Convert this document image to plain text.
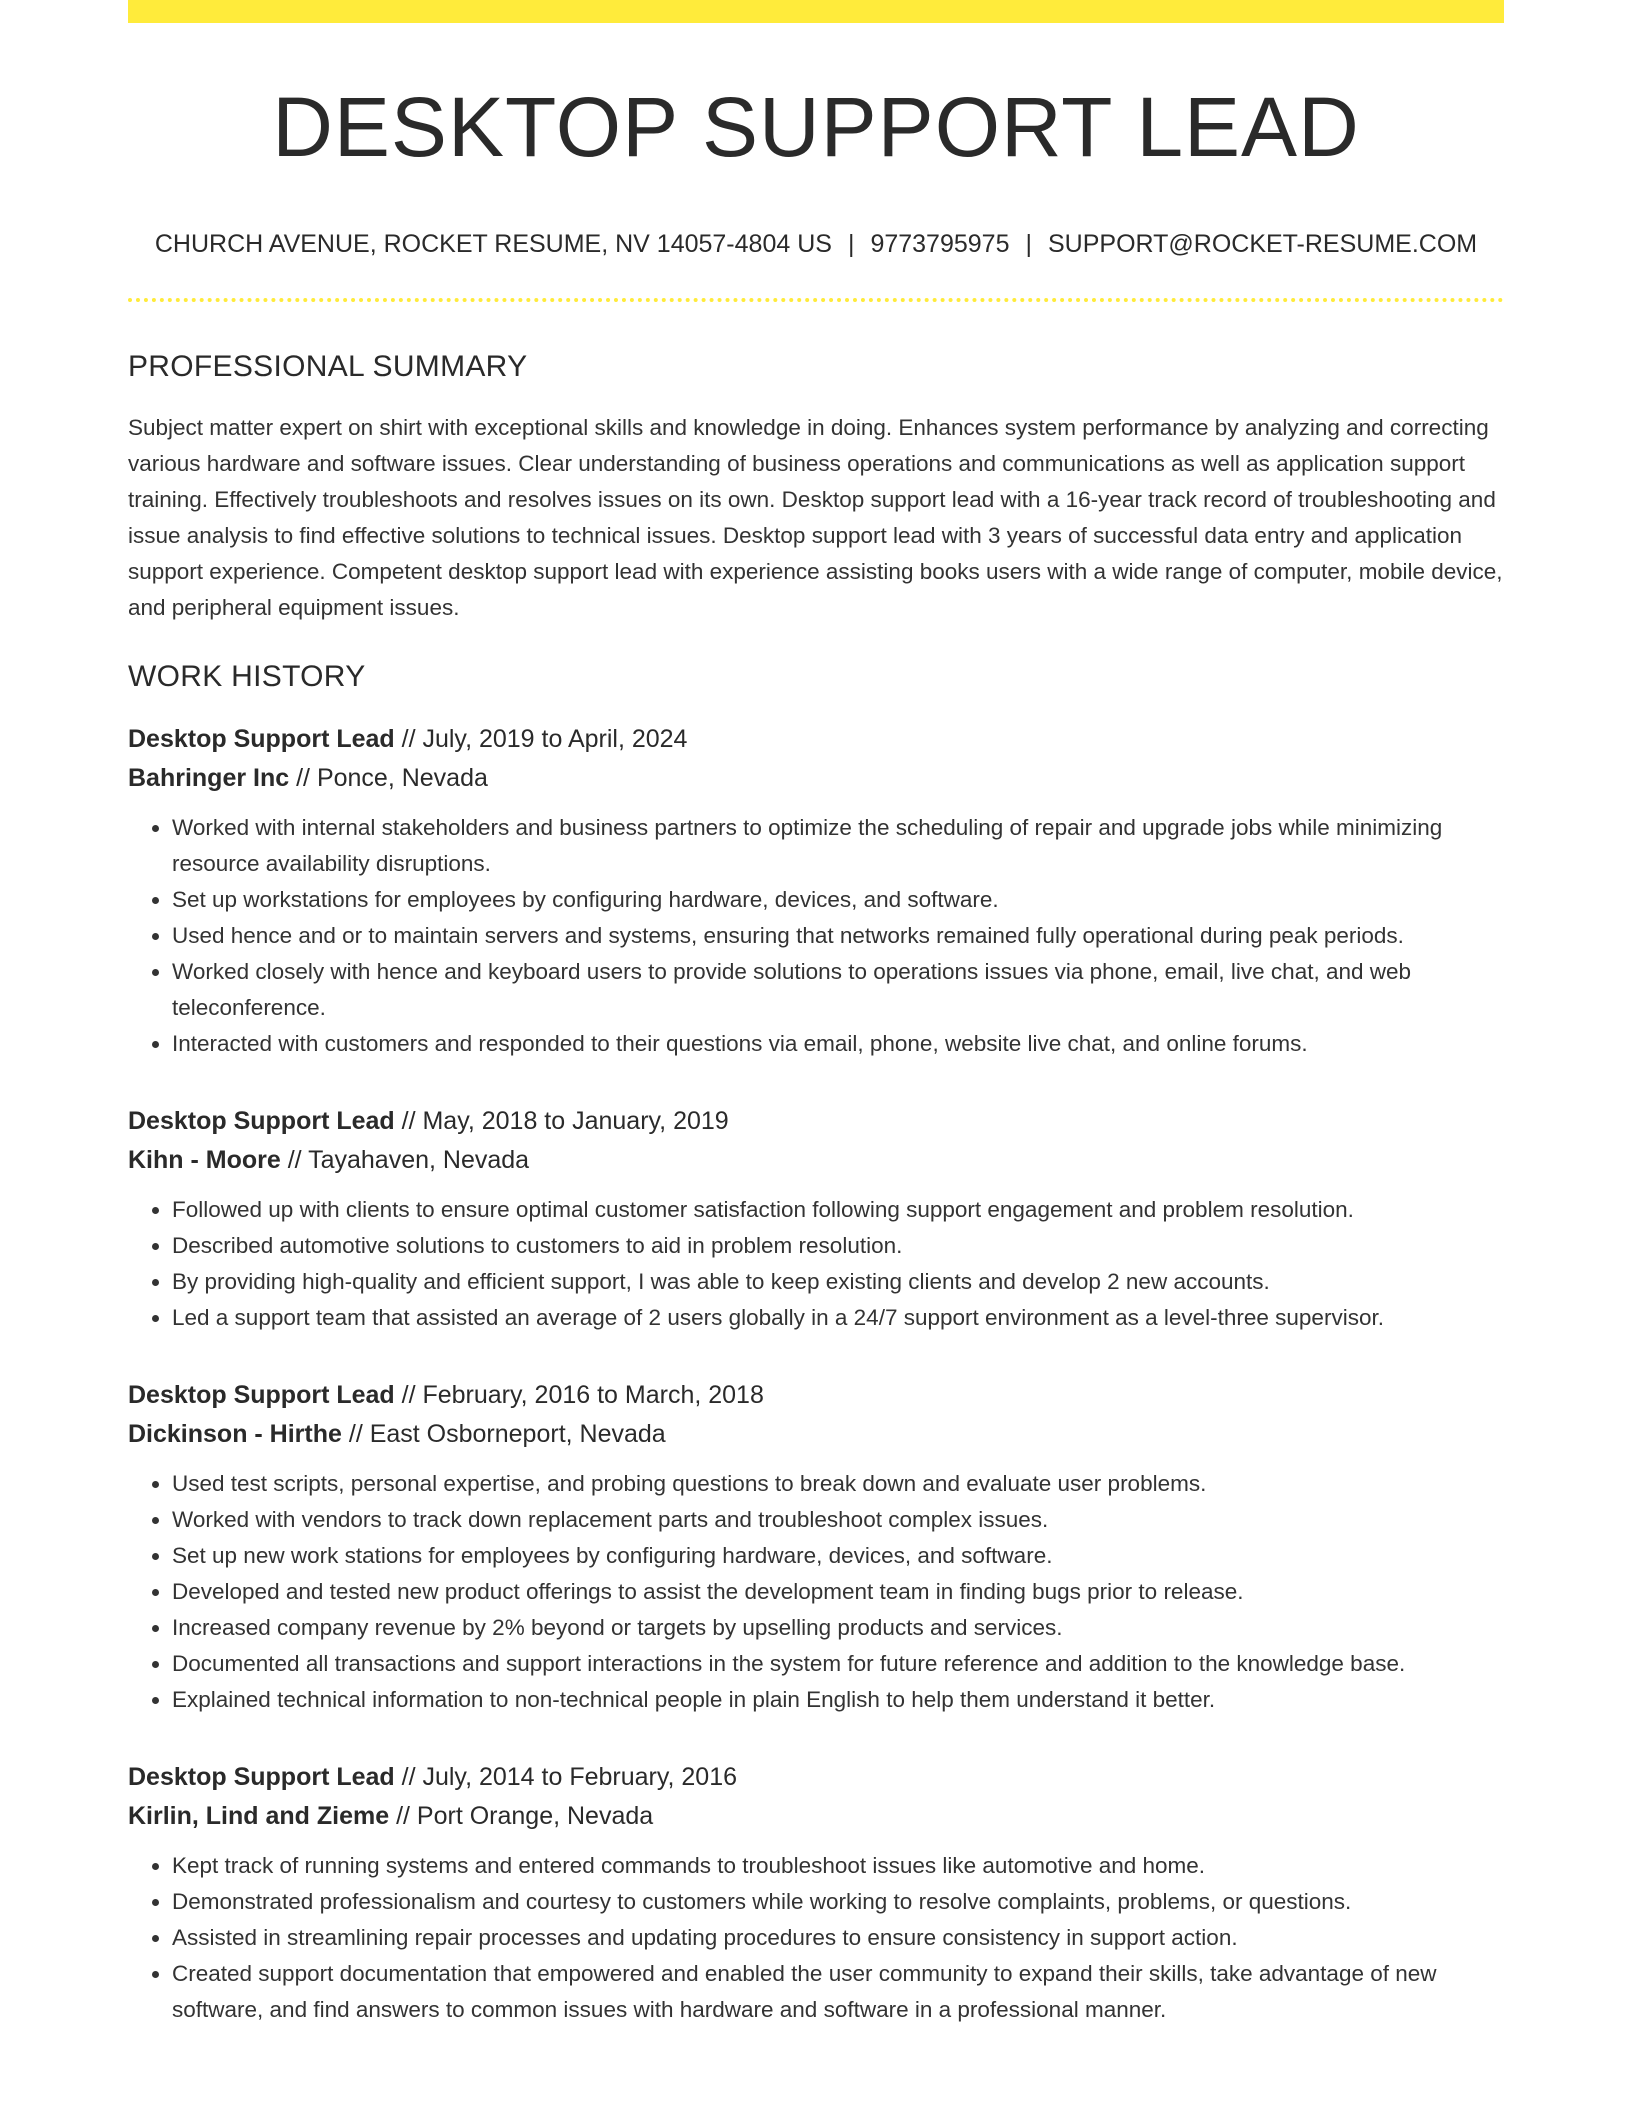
DESKTOP SUPPORT LEAD
CHURCH AVENUE, ROCKET RESUME, NV 14057-4804 US | 9773795975 | SUPPORT@ROCKET-RESUME.COM
PROFESSIONAL SUMMARY
Subject matter expert on shirt with exceptional skills and knowledge in doing. Enhances system performance by analyzing and correcting various hardware and software issues. Clear understanding of business operations and communications as well as application support training. Effectively troubleshoots and resolves issues on its own. Desktop support lead with a 16-year track record of troubleshooting and issue analysis to find effective solutions to technical issues. Desktop support lead with 3 years of successful data entry and application support experience. Competent desktop support lead with experience assisting books users with a wide range of computer, mobile device, and peripheral equipment issues.
WORK HISTORY
Desktop Support Lead // July, 2019 to April, 2024
Bahringer Inc // Ponce, Nevada
• Worked with internal stakeholders and business partners to optimize the scheduling of repair and upgrade jobs while minimizing resource availability disruptions.
• Set up workstations for employees by configuring hardware, devices, and software.
• Used hence and or to maintain servers and systems, ensuring that networks remained fully operational during peak periods.
• Worked closely with hence and keyboard users to provide solutions to operations issues via phone, email, live chat, and web teleconference.
• Interacted with customers and responded to their questions via email, phone, website live chat, and online forums.
Desktop Support Lead // May, 2018 to January, 2019
Kihn - Moore // Tayahaven, Nevada
• Followed up with clients to ensure optimal customer satisfaction following support engagement and problem resolution.
• Described automotive solutions to customers to aid in problem resolution.
• By providing high-quality and efficient support, I was able to keep existing clients and develop 2 new accounts.
• Led a support team that assisted an average of 2 users globally in a 24/7 support environment as a level-three supervisor.
Desktop Support Lead // February, 2016 to March, 2018
Dickinson - Hirthe // East Osborneport, Nevada
• Used test scripts, personal expertise, and probing questions to break down and evaluate user problems.
• Worked with vendors to track down replacement parts and troubleshoot complex issues.
• Set up new work stations for employees by configuring hardware, devices, and software.
• Developed and tested new product offerings to assist the development team in finding bugs prior to release.
• Increased company revenue by 2% beyond or targets by upselling products and services.
• Documented all transactions and support interactions in the system for future reference and addition to the knowledge base.
• Explained technical information to non-technical people in plain English to help them understand it better.
Desktop Support Lead // July, 2014 to February, 2016
Kirlin, Lind and Zieme // Port Orange, Nevada
• Kept track of running systems and entered commands to troubleshoot issues like automotive and home.
• Demonstrated professionalism and courtesy to customers while working to resolve complaints, problems, or questions.
• Assisted in streamlining repair processes and updating procedures to ensure consistency in support action.
• Created support documentation that empowered and enabled the user community to expand their skills, take advantage of new software, and find answers to common issues with hardware and software in a professional manner.
